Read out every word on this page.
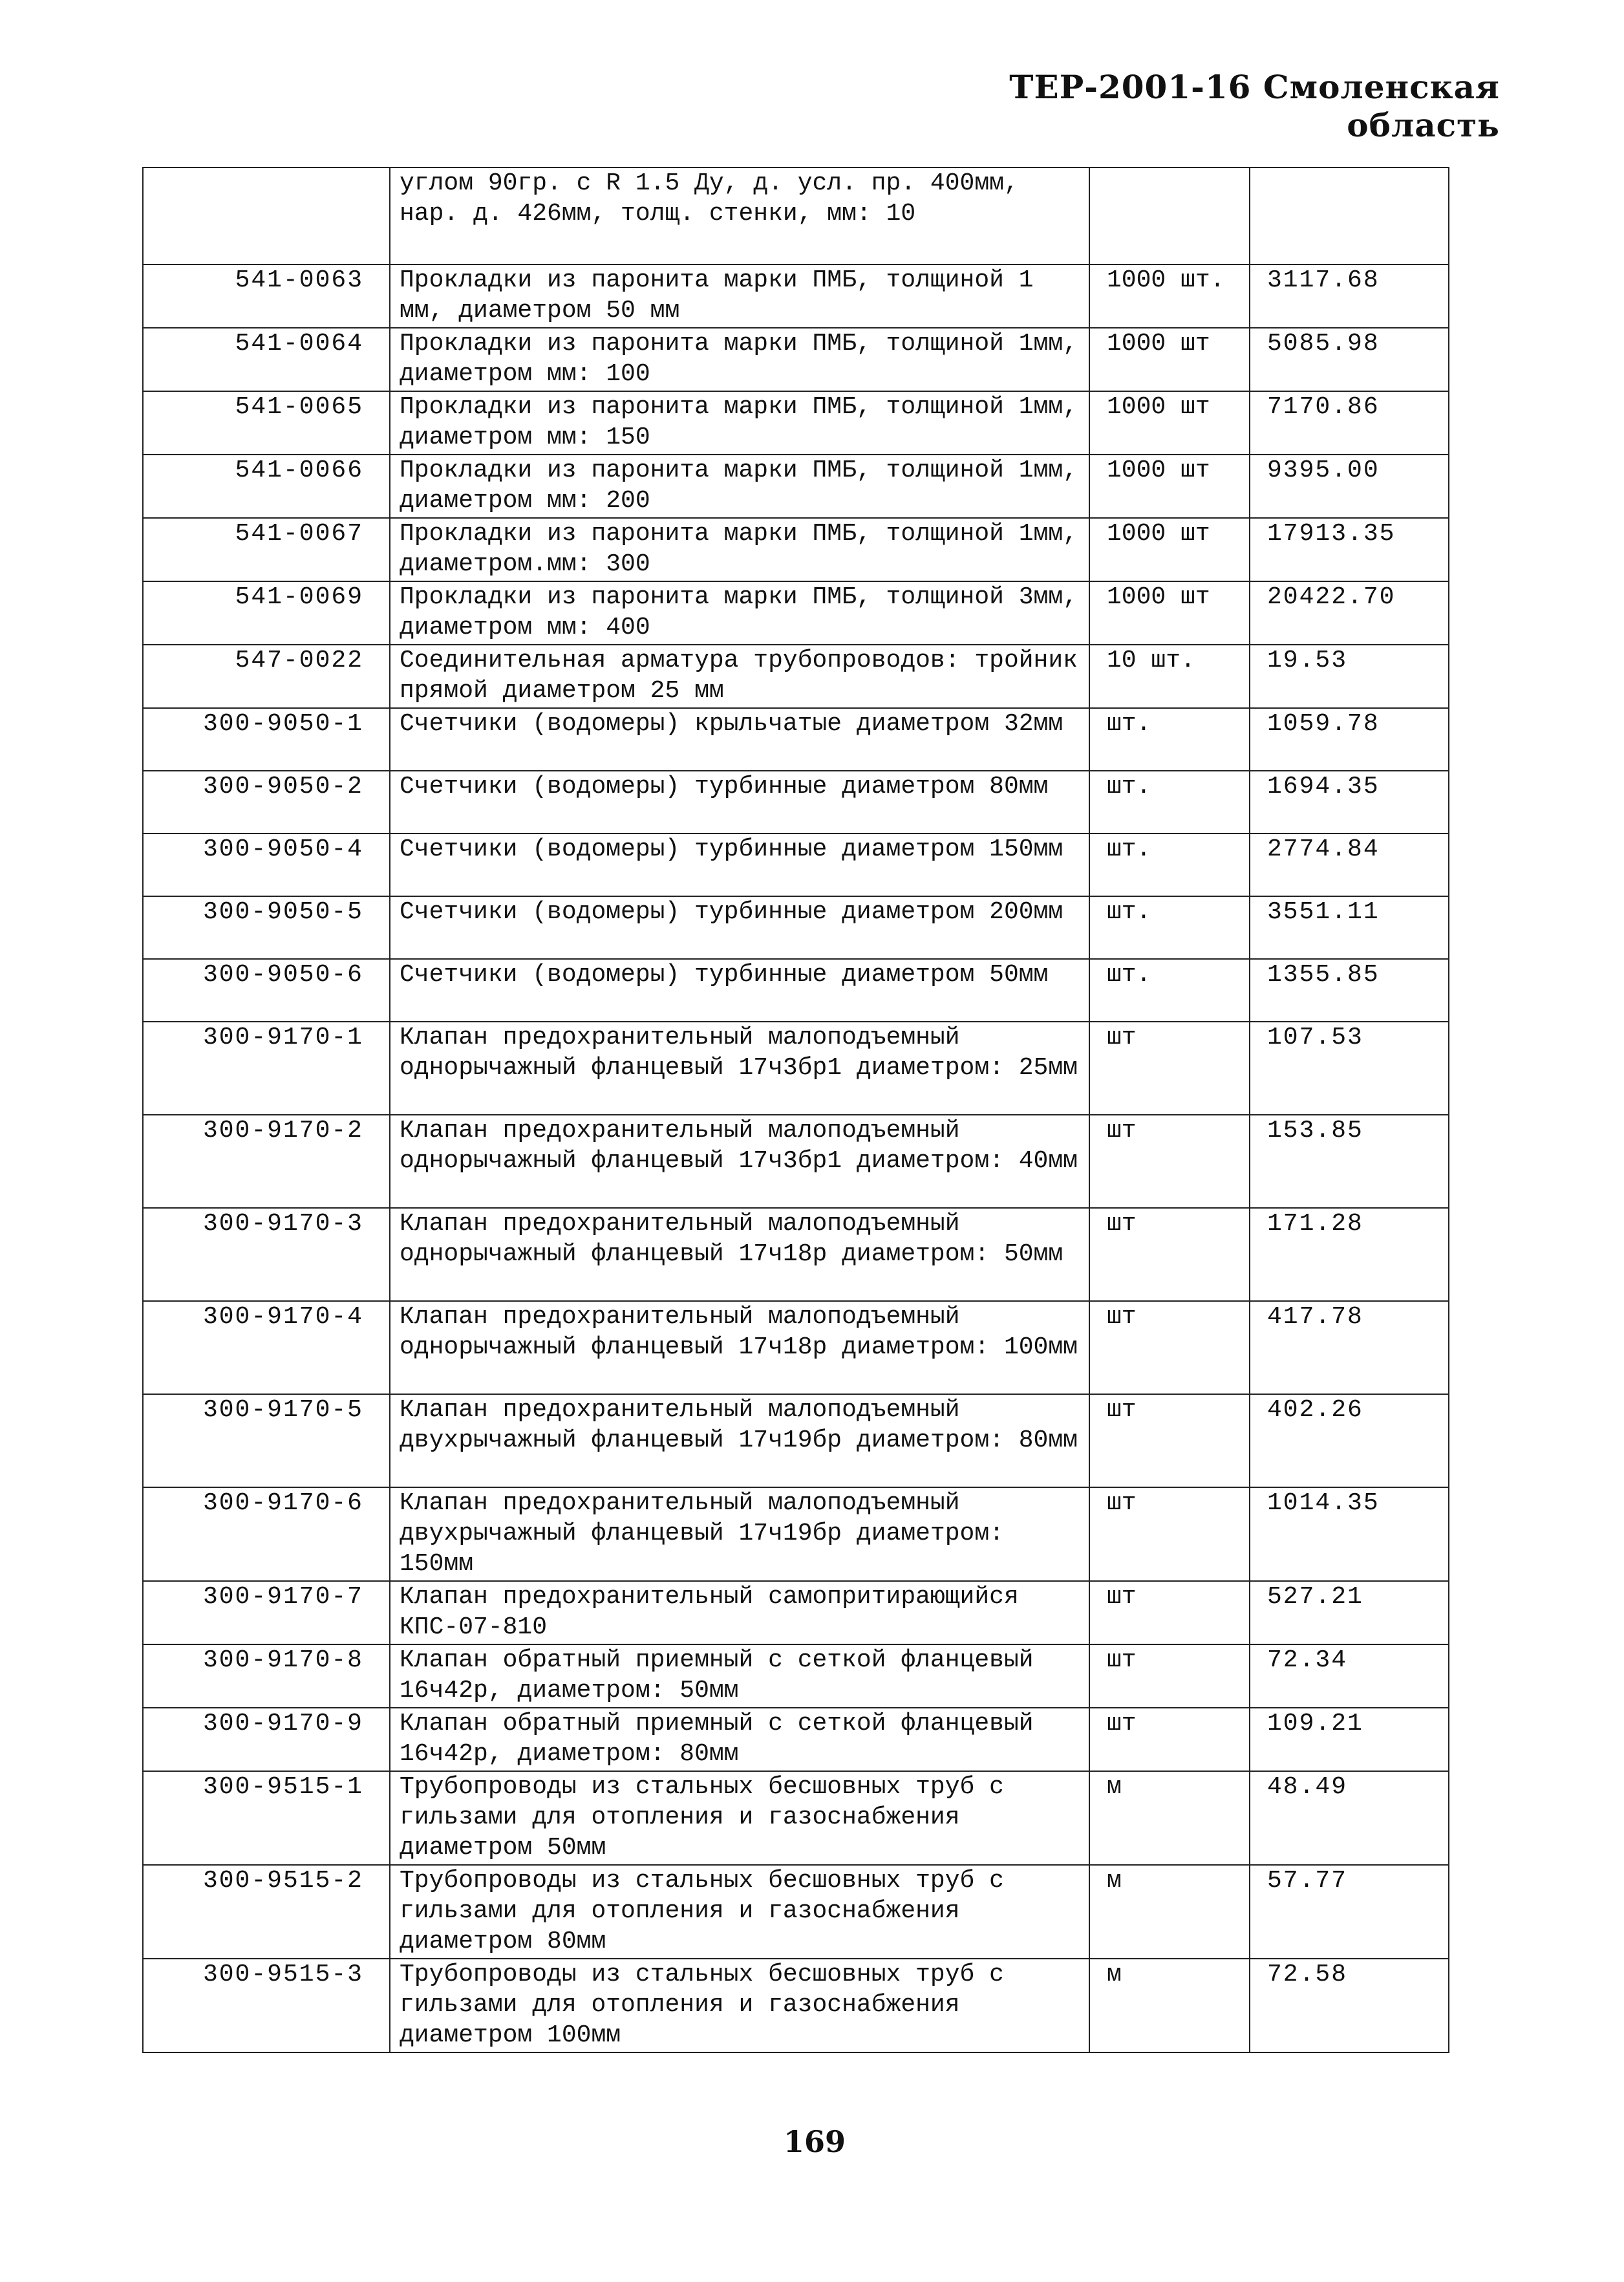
ТЕР-2001-16 Смоленская область
	углом 90гр. с R 1.5 Ду, д. усл. пр. 400мм, нар. д. 426мм, толщ. стенки, мм: 10		
541-0063	Прокладки из паронита марки ПМБ, толщиной 1 мм, диаметром 50 мм	1000 шт.	3117.68
541-0064	Прокладки из паронита марки ПМБ, толщиной 1мм, диаметром мм: 100	1000 шт	5085.98
541-0065	Прокладки из паронита марки ПМБ, толщиной 1мм, диаметром мм: 150	1000 шт	7170.86
541-0066	Прокладки из паронита марки ПМБ, толщиной 1мм, диаметром мм: 200	1000 шт	9395.00
541-0067	Прокладки из паронита марки ПМБ, толщиной 1мм, диаметром.мм: 300	1000 шт	17913.35
541-0069	Прокладки из паронита марки ПМБ, толщиной 3мм, диаметром мм: 400	1000 шт	20422.70
547-0022	Соединительная арматура трубопроводов: тройник прямой диаметром 25 мм	10 шт.	19.53
300-9050-1	Счетчики (водомеры) крыльчатые диаметром 32мм	шт.	1059.78
300-9050-2	Счетчики (водомеры) турбинные диаметром 80мм	шт.	1694.35
300-9050-4	Счетчики (водомеры) турбинные диаметром 150мм	шт.	2774.84
300-9050-5	Счетчики (водомеры) турбинные диаметром 200мм	шт.	3551.11
300-9050-6	Счетчики (водомеры) турбинные диаметром 50мм	шт.	1355.85
300-9170-1	Клапан предохранительный малоподъемный однорычажный фланцевый 17ч3бр1 диаметром: 25мм	шт	107.53
300-9170-2	Клапан предохранительный малоподъемный однорычажный фланцевый 17ч3бр1 диаметром: 40мм	шт	153.85
300-9170-3	Клапан предохранительный малоподъемный однорычажный фланцевый 17ч18р диаметром: 50мм	шт	171.28
300-9170-4	Клапан предохранительный малоподъемный однорычажный фланцевый 17ч18р диаметром: 100мм	шт	417.78
300-9170-5	Клапан предохранительный малоподъемный двухрычажный фланцевый 17ч19бр диаметром: 80мм	шт	402.26
300-9170-6	Клапан предохранительный малоподъемный двухрычажный фланцевый 17ч19бр диаметром: 150мм	шт	1014.35
300-9170-7	Клапан предохранительный самопритирающийся КПС-07-810	шт	527.21
300-9170-8	Клапан обратный приемный с сеткой фланцевый 16ч42р, диаметром: 50мм	шт	72.34
300-9170-9	Клапан обратный приемный с сеткой фланцевый 16ч42р, диаметром: 80мм	шт	109.21
300-9515-1	Трубопроводы из стальных бесшовных труб с гильзами для отопления и газоснабжения диаметром 50мм	м	48.49
300-9515-2	Трубопроводы из стальных бесшовных труб с гильзами для отопления и газоснабжения диаметром 80мм	м	57.77
300-9515-3	Трубопроводы из стальных бесшовных труб с гильзами для отопления и газоснабжения диаметром 100мм	м	72.58
169
